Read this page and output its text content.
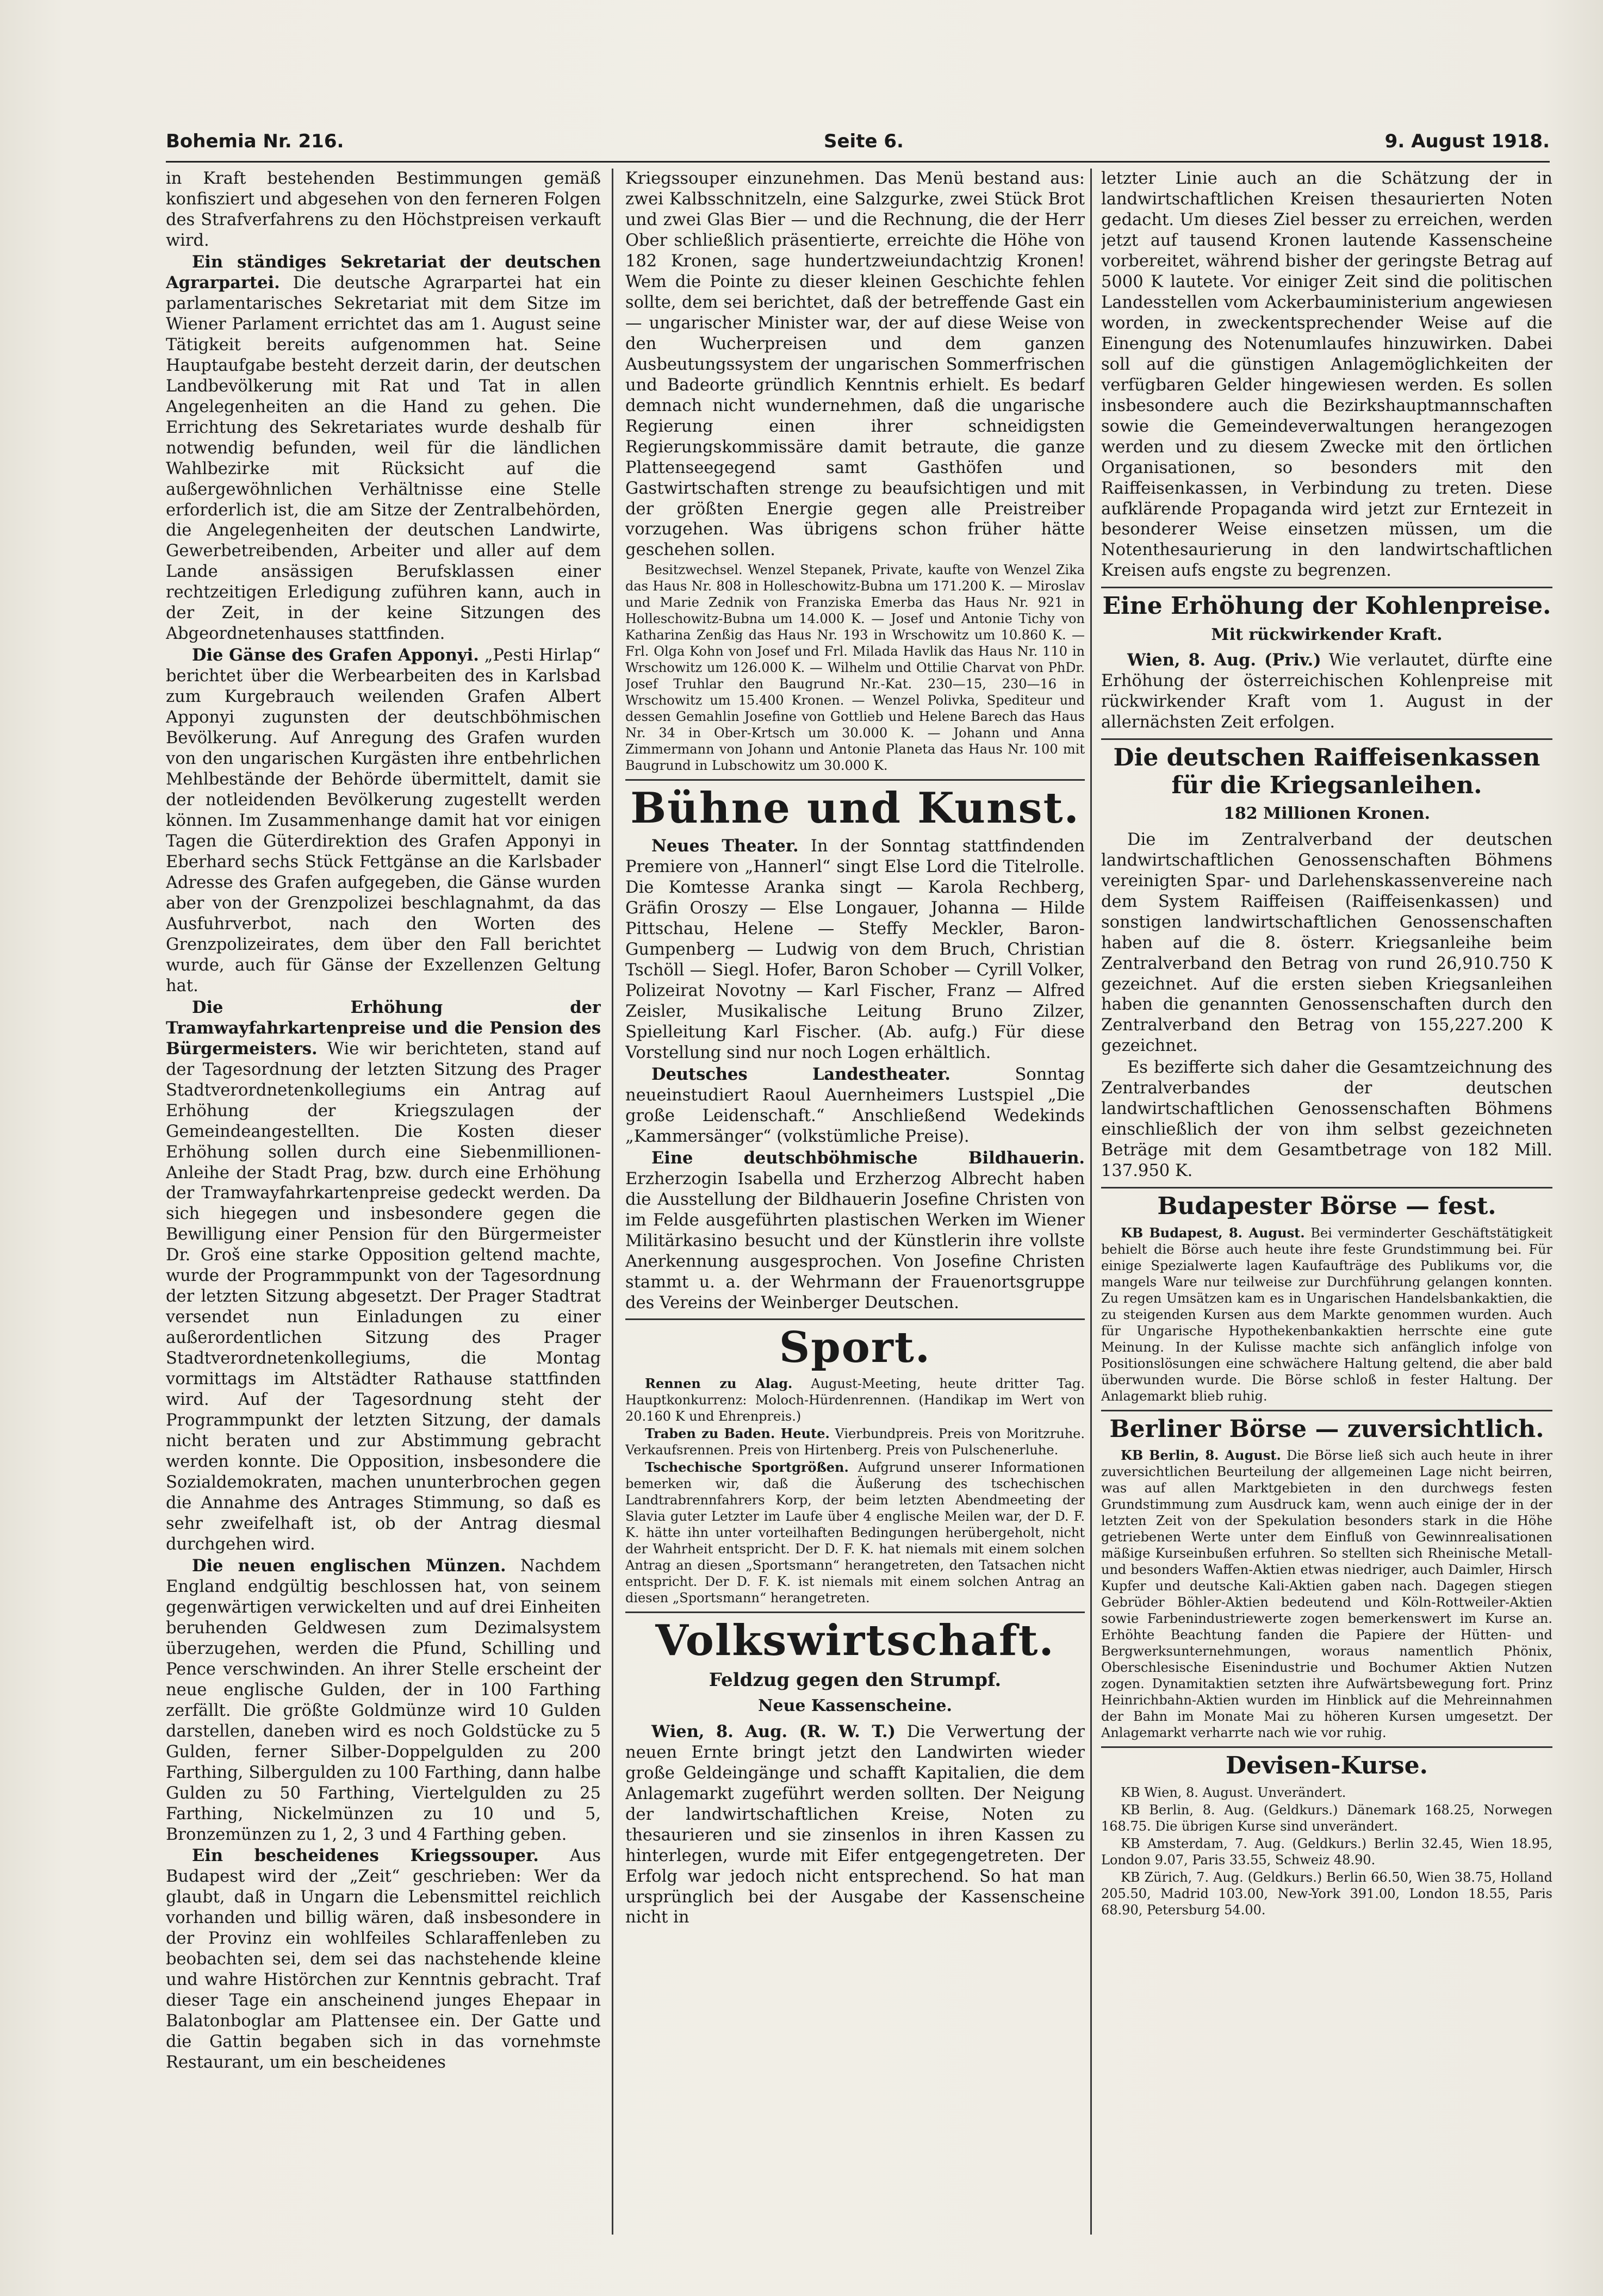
Bohemia Nr. 216.	Seite 6.	9. August 1918.

in Kraft bestehenden Bestimmungen gemäß konfisziert und abgesehen von den ferneren Folgen des Strafverfahrens zu den Höchstpreisen verkauft wird.

Ein ständiges Sekretariat der deutschen Agrarpartei. Die deutsche Agrarpartei hat ein parlamentarisches Sekretariat mit dem Sitze im Wiener Parlament errichtet das am 1. August seine Tätigkeit bereits aufgenommen hat. Seine Hauptaufgabe besteht derzeit darin, der deutschen Landbevölkerung mit Rat und Tat in allen Angelegenheiten an die Hand zu gehen. Die Errichtung des Sekretariates wurde deshalb für notwendig befunden, weil für die ländlichen Wahlbezirke mit Rücksicht auf die außergewöhnlichen Verhältnisse eine Stelle erforderlich ist, die am Sitze der Zentralbehörden, die Angelegenheiten der deutschen Landwirte, Gewerbetreibenden, Arbeiter und aller auf dem Lande ansässigen Berufsklassen einer rechtzeitigen Erledigung zuführen kann, auch in der Zeit, in der keine Sitzungen des Abgeordnetenhauses stattfinden.

Die Gänse des Grafen Apponyi. „Pesti Hirlap“ berichtet über die Werbearbeiten des in Karlsbad zum Kurgebrauch weilenden Grafen Albert Apponyi zugunsten der deutschböhmischen Bevölkerung. Auf Anregung des Grafen wurden von den ungarischen Kurgästen ihre entbehrlichen Mehlbestände der Behörde übermittelt, damit sie der notleidenden Bevölkerung zugestellt werden können. Im Zusammenhange damit hat vor einigen Tagen die Güterdirektion des Grafen Apponyi in Eberhard sechs Stück Fettgänse an die Karlsbader Adresse des Grafen aufgegeben, die Gänse wurden aber von der Grenzpolizei beschlagnahmt, da das Ausfuhrverbot, nach den Worten des Grenzpolizeirates, dem über den Fall berichtet wurde, auch für Gänse der Exzellenzen Geltung hat.

Die Erhöhung der Tramwayfahrkartenpreise und die Pension des Bürgermeisters. Wie wir berichteten, stand auf der Tagesordnung der letzten Sitzung des Prager Stadtverordnetenkollegiums ein Antrag auf Erhöhung der Kriegszulagen der Gemeindeangestellten. Die Kosten dieser Erhöhung sollen durch eine Siebenmillionen-Anleihe der Stadt Prag, bzw. durch eine Erhöhung der Tramwayfahrkartenpreise gedeckt werden. Da sich hiegegen und insbesondere gegen die Bewilligung einer Pension für den Bürgermeister Dr. Groš eine starke Opposition geltend machte, wurde der Programmpunkt von der Tagesordnung der letzten Sitzung abgesetzt. Der Prager Stadtrat versendet nun Einladungen zu einer außerordentlichen Sitzung des Prager Stadtverordnetenkollegiums, die Montag vormittags im Altstädter Rathause stattfinden wird. Auf der Tagesordnung steht der Programmpunkt der letzten Sitzung, der damals nicht beraten und zur Abstimmung gebracht werden konnte. Die Opposition, insbesondere die Sozialdemokraten, machen ununterbrochen gegen die Annahme des Antrages Stimmung, so daß es sehr zweifelhaft ist, ob der Antrag diesmal durchgehen wird.

Die neuen englischen Münzen. Nachdem England endgültig beschlossen hat, von seinem gegenwärtigen verwickelten und auf drei Einheiten beruhenden Geldwesen zum Dezimalsystem überzugehen, werden die Pfund, Schilling und Pence verschwinden. An ihrer Stelle erscheint der neue englische Gulden, der in 100 Farthing zerfällt. Die größte Goldmünze wird 10 Gulden darstellen, daneben wird es noch Goldstücke zu 5 Gulden, ferner Silber-Doppelgulden zu 200 Farthing, Silbergulden zu 100 Farthing, dann halbe Gulden zu 50 Farthing, Viertelgulden zu 25 Farthing, Nickelmünzen zu 10 und 5, Bronzemünzen zu 1, 2, 3 und 4 Farthing geben.

Ein bescheidenes Kriegssouper. Aus Budapest wird der „Zeit“ geschrieben: Wer da glaubt, daß in Ungarn die Lebensmittel reichlich vorhanden und billig wären, daß insbesondere in der Provinz ein wohlfeiles Schlaraffenleben zu beobachten sei, dem sei das nachstehende kleine und wahre Histörchen zur Kenntnis gebracht. Traf dieser Tage ein anscheinend junges Ehepaar in Balatonboglar am Plattensee ein. Der Gatte und die Gattin begaben sich in das vornehmste Restaurant, um ein bescheidenes

Kriegssouper einzunehmen. Das Menü bestand aus: zwei Kalbsschnitzeln, eine Salzgurke, zwei Stück Brot und zwei Glas Bier — und die Rechnung, die der Herr Ober schließlich präsentierte, erreichte die Höhe von 182 Kronen, sage hundertzweiundachtzig Kronen! Wem die Pointe zu dieser kleinen Geschichte fehlen sollte, dem sei berichtet, daß der betreffende Gast ein — ungarischer Minister war, der auf diese Weise von den Wucherpreisen und dem ganzen Ausbeutungssystem der ungarischen Sommerfrischen und Badeorte gründlich Kenntnis erhielt. Es bedarf demnach nicht wundernehmen, daß die ungarische Regierung einen ihrer schneidigsten Regierungskommissäre damit betraute, die ganze Plattenseegegend samt Gasthöfen und Gastwirtschaften strenge zu beaufsichtigen und mit der größten Energie gegen alle Preistreiber vorzugehen. Was übrigens schon früher hätte geschehen sollen.

Besitzwechsel. Wenzel Stepanek, Private, kaufte von Wenzel Zika das Haus Nr. 808 in Holleschowitz-Bubna um 171.200 K. — Miroslav und Marie Zednik von Franziska Emerba das Haus Nr. 921 in Holleschowitz-Bubna um 14.000 K. — Josef und Antonie Tichy von Katharina Zenßig das Haus Nr. 193 in Wrschowitz um 10.860 K. — Frl. Olga Kohn von Josef und Frl. Milada Havlik das Haus Nr. 110 in Wrschowitz um 126.000 K. — Wilhelm und Ottilie Charvat von PhDr. Josef Truhlar den Baugrund Nr.-Kat. 230—15, 230—16 in Wrschowitz um 15.400 Kronen. — Wenzel Polivka, Spediteur und dessen Gemahlin Josefine von Gottlieb und Helene Barech das Haus Nr. 34 in Ober-Krtsch um 30.000 K. — Johann und Anna Zimmermann von Johann und Antonie Planeta das Haus Nr. 100 mit Baugrund in Lubschowitz um 30.000 K.

Bühne und Kunst.

Neues Theater. In der Sonntag stattfindenden Premiere von „Hannerl“ singt Else Lord die Titelrolle. Die Komtesse Aranka singt — Karola Rechberg, Gräfin Oroszy — Else Longauer, Johanna — Hilde Pittschau, Helene — Steffy Meckler, Baron-Gumpenberg — Ludwig von dem Bruch, Christian Tschöll — Siegl. Hofer, Baron Schober — Cyrill Volker, Polizeirat Novotny — Karl Fischer, Franz — Alfred Zeisler, Musikalische Leitung Bruno Zilzer, Spielleitung Karl Fischer. (Ab. aufg.) Für diese Vorstellung sind nur noch Logen erhältlich.

Deutsches Landestheater.	Sonntag neueinstudiert Raoul Auernheimers Lustspiel „Die große Leidenschaft.“ Anschließend Wedekinds „Kammersänger“ (volkstümliche Preise).

Eine deutschböhmische Bildhauerin. Erzherzogin Isabella und Erzherzog Albrecht haben die Ausstellung der Bildhauerin Josefine Christen von im Felde ausgeführten plastischen Werken im Wiener Militärkasino besucht und der Künstlerin ihre vollste Anerkennung ausgesprochen. Von Josefine Christen stammt u. a. der Wehrmann der Frauenortsgruppe des Vereins der Weinberger Deutschen.

Sport.

Rennen zu Alag. August-Meeting, heute dritter Tag. Hauptkonkurrenz: Moloch-Hürdenrennen. (Handikap im Wert von 20.160 K und Ehrenpreis.)

Traben zu Baden. Heute. Vierbundpreis. Preis von Moritzruhe. Verkaufsrennen. Preis von Hirtenberg. Preis von Pulschenerluhe.

Tschechische Sportgrößen. Aufgrund unserer Informationen bemerken wir, daß die Äußerung des tschechischen Landtrabrennfahrers Korp, der beim letzten Abendmeeting der Slavia guter Letzter im Laufe über 4 englische Meilen war, der D. F. K. hätte ihn unter vorteilhaften Bedingungen herübergeholt, nicht der Wahrheit entspricht. Der D. F. K. hat niemals mit einem solchen Antrag an diesen „Sportsmann“ herangetreten, den Tatsachen nicht entspricht. Der D. F. K. ist niemals mit einem solchen Antrag an diesen „Sportsmann“ herangetreten.

Volkswirtschaft.
Feldzug gegen den Strumpf.
Neue Kassenscheine.

Wien, 8. Aug. (R. W. T.) Die Verwertung der neuen Ernte bringt jetzt den Landwirten wieder große Geldeingänge und schafft Kapitalien, die dem Anlagemarkt zugeführt werden sollten. Der Neigung der landwirtschaftlichen Kreise, Noten zu thesaurieren und sie zinsenlos in ihren Kassen zu hinterlegen, wurde mit Eifer entgegengetreten. Der Erfolg war jedoch nicht entsprechend. So hat man ursprünglich bei der Ausgabe der Kassenscheine nicht in

letzter Linie auch an die Schätzung der in landwirtschaftlichen Kreisen thesaurierten Noten gedacht. Um dieses Ziel besser zu erreichen, werden jetzt auf tausend Kronen lautende Kassenscheine vorbereitet, während bisher der geringste Betrag auf 5000 K lautete. Vor einiger Zeit sind die politischen Landesstellen vom Ackerbauministerium angewiesen worden, in zweckentsprechender Weise auf die Einengung des Notenumlaufes hinzuwirken. Dabei soll auf die günstigen Anlagemöglichkeiten der verfügbaren Gelder hingewiesen werden. Es sollen insbesondere auch die Bezirkshauptmannschaften sowie die Gemeindeverwaltungen herangezogen werden und zu diesem Zwecke mit den örtlichen Organisationen, so besonders mit den Raiffeisenkassen, in Verbindung zu treten. Diese aufklärende Propaganda wird jetzt zur Erntezeit in besonderer Weise einsetzen müssen, um die Notenthesaurierung in den landwirtschaftlichen Kreisen aufs engste zu begrenzen.

Eine Erhöhung der Kohlenpreise.
Mit rückwirkender Kraft.

Wien, 8. Aug. (Priv.) Wie verlautet, dürfte eine Erhöhung der österreichischen Kohlenpreise mit rückwirkender Kraft vom 1. August in der allernächsten Zeit erfolgen.

Die deutschen Raiffeisenkassen für die Kriegsanleihen.
182 Millionen Kronen.

Die im Zentralverband der deutschen landwirtschaftlichen Genossenschaften Böhmens vereinigten Spar- und Darlehenskassenvereine nach dem System Raiffeisen (Raiffeisenkassen) und sonstigen landwirtschaftlichen Genossenschaften haben auf die 8. österr. Kriegsanleihe beim Zentralverband den Betrag von rund 26,910.750 K gezeichnet. Auf die ersten sieben Kriegsanleihen haben die genannten Genossenschaften durch den Zentralverband den Betrag von 155,227.200 K gezeichnet.

Es bezifferte sich daher die Gesamtzeichnung des Zentralverbandes der deutschen landwirtschaftlichen Genossenschaften Böhmens einschließlich der von ihm selbst gezeichneten Beträge mit dem Gesamtbetrage von 182 Mill. 137.950 K.

Budapester Börse — fest.

KB Budapest, 8. August. Bei verminderter Geschäftstätigkeit behielt die Börse auch heute ihre feste Grundstimmung bei. Für einige Spezialwerte lagen Kaufaufträge des Publikums vor, die mangels Ware nur teilweise zur Durchführung gelangen konnten. Zu regen Umsätzen kam es in Ungarischen Handelsbankaktien, die zu steigenden Kursen aus dem Markte genommen wurden. Auch für Ungarische Hypothekenbankaktien herrschte eine gute Meinung. In der Kulisse machte sich anfänglich infolge von Positionslösungen eine schwächere Haltung geltend, die aber bald überwunden wurde. Die Börse schloß in fester Haltung. Der Anlagemarkt blieb ruhig.

Berliner Börse — zuversichtlich.

KB Berlin, 8. August. Die Börse ließ sich auch heute in ihrer zuversichtlichen Beurteilung der allgemeinen Lage nicht beirren, was auf allen Marktgebieten in den durchwegs festen Grundstimmung zum Ausdruck kam, wenn auch einige der in der letzten Zeit von der Spekulation besonders stark in die Höhe getriebenen Werte unter dem Einfluß von Gewinnrealisationen mäßige Kurseinbußen erfuhren. So stellten sich Rheinische Metall- und besonders Waffen-Aktien etwas niedriger, auch Daimler, Hirsch Kupfer und deutsche Kali-Aktien gaben nach. Dagegen stiegen Gebrüder Böhler-Aktien bedeutend und Köln-Rottweiler-Aktien sowie Farbenindustriewerte zogen bemerkenswert im Kurse an. Erhöhte Beachtung fanden die Papiere der Hütten- und Bergwerksunternehmungen, woraus namentlich Phönix, Oberschlesische Eisenindustrie und Bochumer Aktien Nutzen zogen. Dynamitaktien setzten ihre Aufwärtsbewegung fort. Prinz Heinrichbahn-Aktien wurden im Hinblick auf die Mehreinnahmen der Bahn im Monate Mai zu höheren Kursen umgesetzt. Der Anlagemarkt verharrte nach wie vor ruhig.

Devisen-Kurse.

KB Wien, 8. August. Unverändert.

KB Berlin, 8. Aug. (Geldkurs.) Dänemark 168.25, Norwegen 168.75. Die übrigen Kurse sind unverändert.

KB Amsterdam, 7. Aug. (Geldkurs.) Berlin 32.45, Wien 18.95, London 9.07, Paris 33.55, Schweiz 48.90.

KB Zürich, 7. Aug. (Geldkurs.) Berlin 66.50, Wien 38.75, Holland 205.50, Madrid 103.00, New-York 391.00, London 18.55, Paris 68.90, Petersburg 54.00.
